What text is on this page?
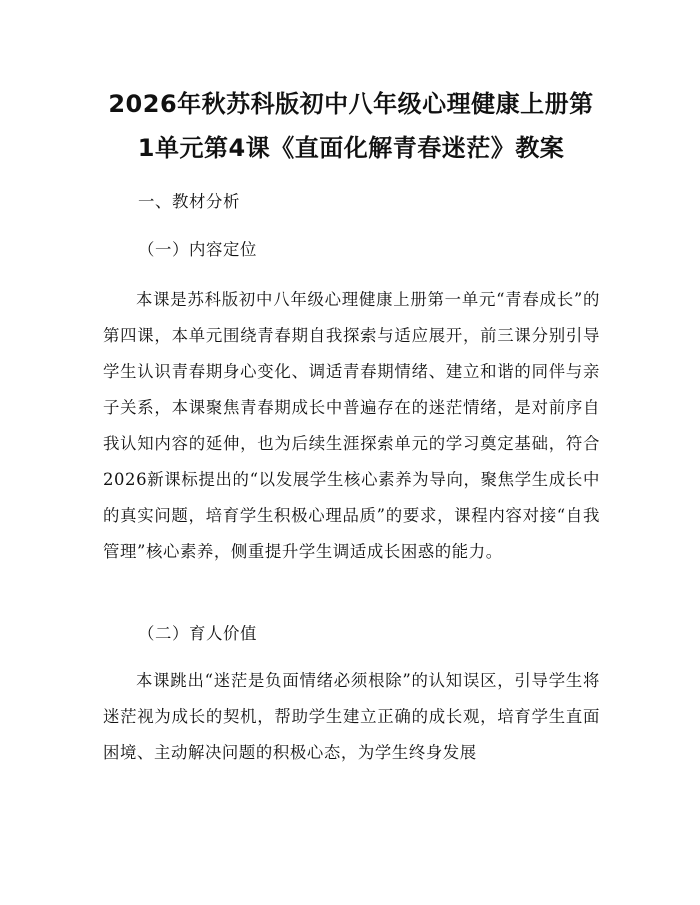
2026年秋苏科版初中八年级心理健康上册第
1单元第4课《直面化解青春迷茫》教案
一、教材分析
（一）内容定位

本课是苏科版初中八年级心理健康上册第一单元“青春成长”的第四课，本单元围绕青春期自我探索与适应展开，前三课分别引导学生认识青春期身心变化、调适青春期情绪、建立和谐的同伴与亲子关系，本课聚焦青春期成长中普遍存在的迷茫情绪，是对前序自我认知内容的延伸，也为后续生涯探索单元的学习奠定基础，符合2026新课标提出的“以发展学生核心素养为导向，聚焦学生成长中的真实问题，培育学生积极心理品质”的要求，课程内容对接“自我管理”核心素养，侧重提升学生调适成长困惑的能力。

（二）育人价值

本课跳出“迷茫是负面情绪必须根除”的认知误区，引导学生将迷茫视为成长的契机，帮助学生建立正确的成长观，培育学生直面困境、主动解决问题的积极心态，为学生终身发展
